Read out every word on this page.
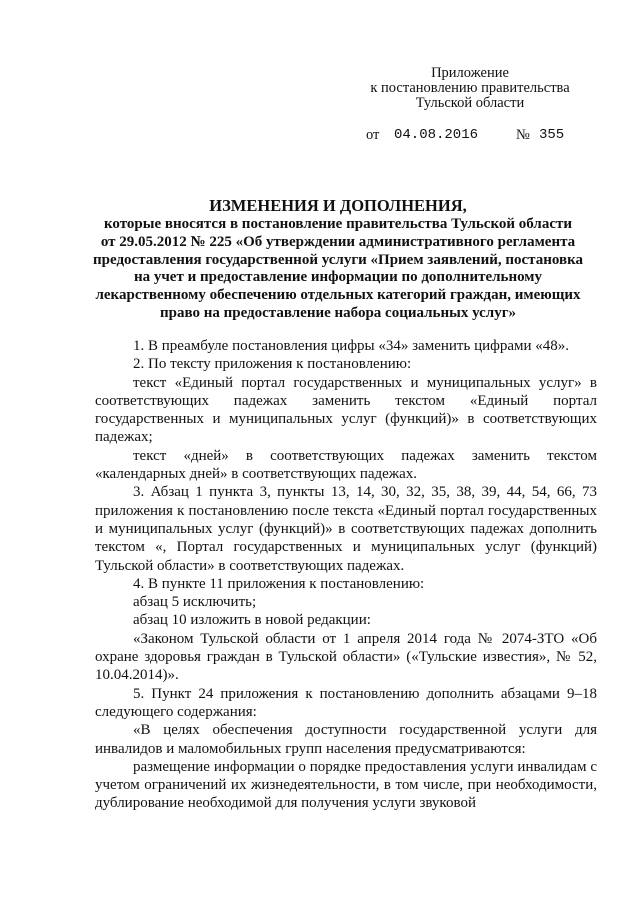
Приложение
к постановлению правительства
Тульской области
от 04.08.2016	№ 355

ИЗМЕНЕНИЯ И ДОПОЛНЕНИЯ,

которые вносятся в постановление правительства Тульской области

от 29.05.2012 № 225 «Об утверждении административного регламента

предоставления государственной услуги «Прием заявлений, постановка

на учет и предоставление информации по дополнительному

лекарственному обеспечению отдельных категорий граждан, имеющих

право на предоставление набора социальных услуг»

1. В преамбуле постановления цифры «34» заменить цифрами «48».

2. По тексту приложения к постановлению:

текст «Единый портал государственных и муниципальных услуг» в соответствующих падежах заменить текстом «Единый портал государственных и муниципальных услуг (функций)» в соответствующих падежах;

текст «дней» в соответствующих падежах заменить текстом «календарных дней» в соответствующих падежах.

3. Абзац 1 пункта 3, пункты 13, 14, 30, 32, 35, 38, 39, 44, 54, 66, 73 приложения к постановлению после текста «Единый портал государственных и муниципальных услуг (функций)» в соответствующих падежах дополнить текстом «, Портал государственных и муниципальных услуг (функций) Тульской области» в соответствующих падежах.

4. В пункте 11 приложения к постановлению:

абзац 5 исключить;

абзац 10 изложить в новой редакции:

«Законом Тульской области от 1 апреля 2014 года № 2074-ЗТО «Об охране здоровья граждан в Тульской области» («Тульские известия», № 52, 10.04.2014)».

5. Пункт 24 приложения к постановлению дополнить абзацами 9–18 следующего содержания:

«В целях обеспечения доступности государственной услуги для инвалидов и маломобильных групп населения предусматриваются:

размещение информации о порядке предоставления услуги инвалидам с учетом ограничений их жизнедеятельности, в том числе, при необходимости, дублирование необходимой для получения услуги звуковой
